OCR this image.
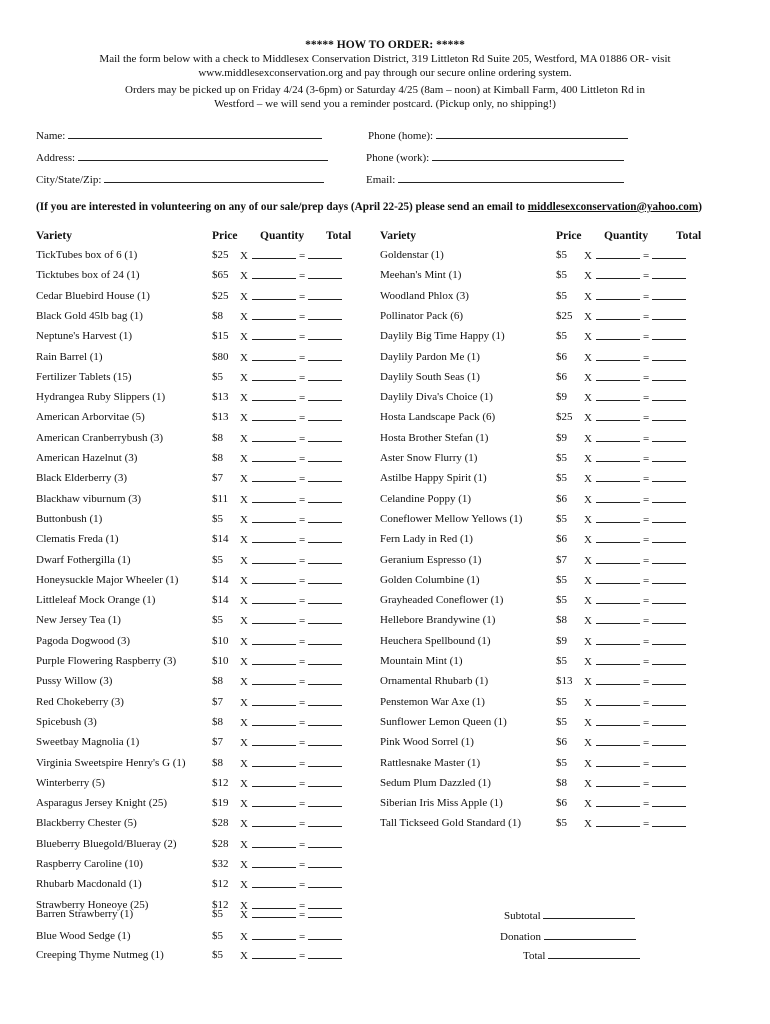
***** HOW TO ORDER: *****

Mail the form below with a check to Middlesex Conservation District, 319 Littleton Rd Suite 205, Westford, MA 01886 OR- visit

www.middlesexconservation.org and pay through our secure online ordering system.

Orders may be picked up on Friday 4/24 (3-6pm) or Saturday 4/25 (8am – noon) at Kimball Farm, 400 Littleton Rd in

Westford – we will send you a reminder postcard. (Pickup only, no shipping!)

Name:
Address:
City/State/Zip:
Phone (home):
Phone (work):
Email:
(If you are interested in volunteering on any of our sale/prep days (April 22-25) please send an email to middlesexconservation@yahoo.com)
Variety	Price Quantity Total	Variety	Price Quantity Total
TickTubes box of 6 (1)	$25 X	=
Ticktubes box of 24 (1)	$65 X	=
Cedar Bluebird House (1)	$25 X	=
Black Gold 45lb bag (1)	$8 X	=
Neptune's Harvest (1)	$15 X	=
Rain Barrel (1)	$80 X	=
Fertilizer Tablets (15)	$5 X	=
Hydrangea Ruby Slippers (1)	$13 X	=
American Arborvitae (5)	$13 X	=
American Cranberrybush (3)	$8 X	=
American Hazelnut (3)	$8 X	=
Black Elderberry (3)	$7 X	=
Blackhaw viburnum (3)	$11 X	=
Buttonbush (1)	$5 X	=
Clematis Freda (1)	$14 X	=
Dwarf Fothergilla (1)	$5 X	=
Honeysuckle Major Wheeler (1)	$14 X	=
Littleleaf Mock Orange (1)	$14 X	=
New Jersey Tea (1)	$5 X	=
Pagoda Dogwood (3)	$10 X	=
Purple Flowering Raspberry (3)	$10 X	=
Pussy Willow (3)	$8 X	=
Red Chokeberry (3)	$7 X	=
Spicebush (3)	$8 X	=
Sweetbay Magnolia (1)	$7 X	=
Virginia Sweetspire Henry's G (1) $8 X	=
Winterberry (5)	$12 X	=
Asparagus Jersey Knight (25)	$19 X	=
Blackberry Chester (5)	$28 X	=
Blueberry Bluegold/Blueray (2)	$28 X	=
Raspberry Caroline (10)	$32 X	=
Rhubarb Macdonald (1)	$12 X	=
Strawberry Honeoye (25)	$12 X	=
Barren Strawberry (1)	$5 X	=
Blue Wood Sedge (1)	$5 X	=
Creeping Thyme Nutmeg (1)	$5 X	=
Goldenstar (1)	$5 X	=
Meehan's Mint (1)	$5 X	=
Woodland Phlox (3)	$5 X	=
Pollinator Pack (6)	$25 X	=
Daylily Big Time Happy (1)	$5 X	=
Daylily Pardon Me (1)	$6 X	=
Daylily South Seas (1)	$6 X	=
Daylily Diva's Choice (1)	$9 X	=
Hosta Landscape Pack (6)	$25 X	=
Hosta Brother Stefan (1)	$9 X	=
Aster Snow Flurry (1)	$5 X	=
Astilbe Happy Spirit (1)	$5 X	=
Celandine Poppy (1)	$6 X	=
Coneflower Mellow Yellows (1)	$5 X	=
Fern Lady in Red (1)	$6 X	=
Geranium Espresso (1)	$7 X	=
Golden Columbine (1)	$5 X	=
Grayheaded Coneflower (1)	$5 X	=
Hellebore Brandywine (1)	$8 X	=
Heuchera Spellbound (1)	$9 X	=
Mountain Mint (1)	$5 X	=
Ornamental Rhubarb (1)	$13 X	=
Penstemon War Axe (1)	$5 X	=
Sunflower Lemon Queen (1)	$5 X	=
Pink Wood Sorrel (1)	$6 X	=
Rattlesnake Master (1)	$5 X	=
Sedum Plum Dazzled (1)	$8 X	=
Siberian Iris Miss Apple (1)	$6 X	=
Tall Tickseed Gold Standard (1)	$5 X	=
Subtotal
Donation
Total
